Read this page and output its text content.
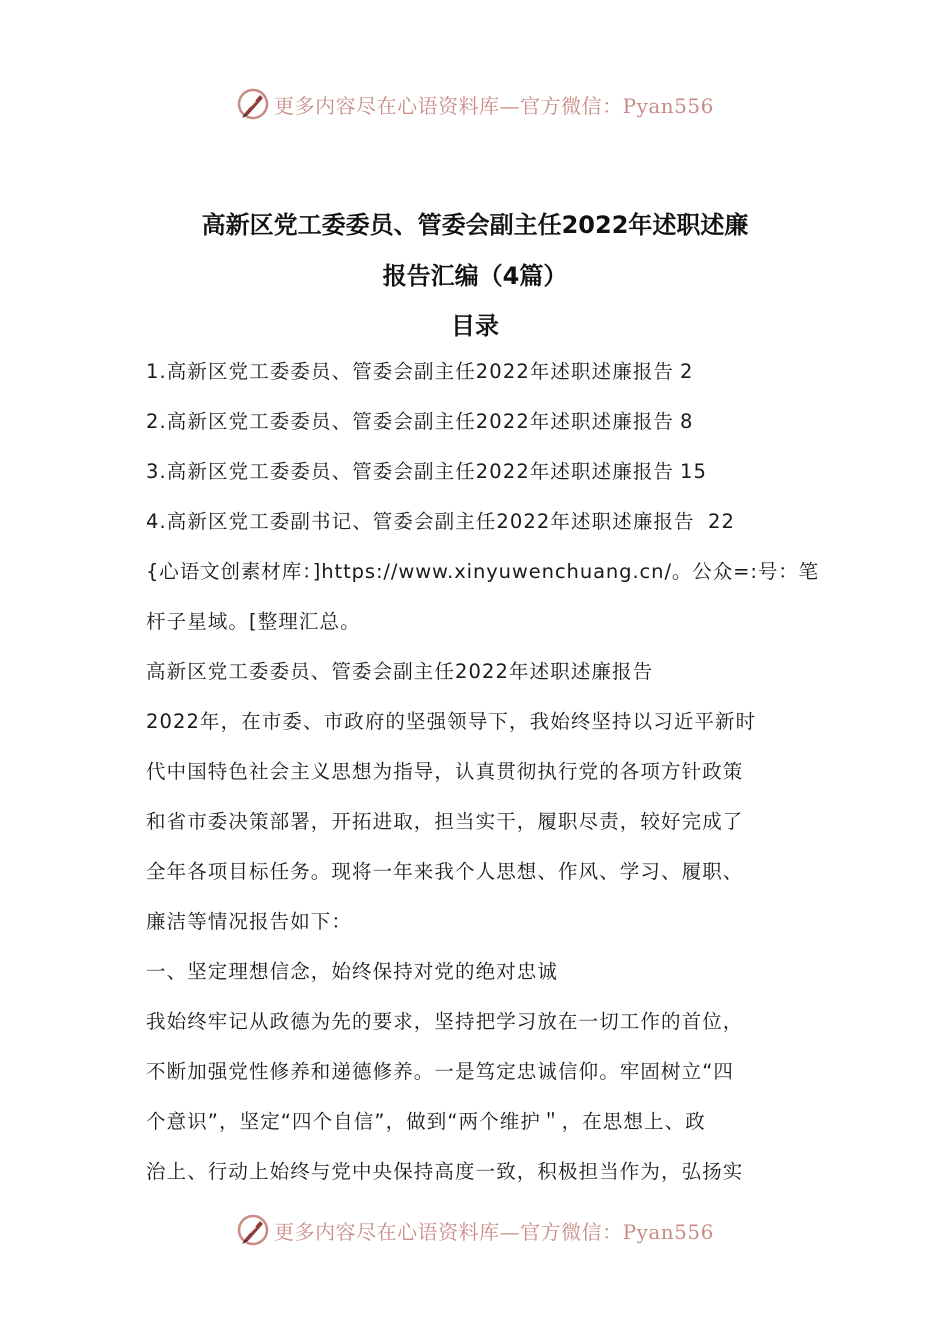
更多内容尽在心语资料库—官方微信：Pyan556
高新区党工委委员、管委会副主任2022年述职述廉
报告汇编（4篇）
目录
1.高新区党工委委员、管委会副主任2022年述职述廉报告 2
2.高新区党工委委员、管委会副主任2022年述职述廉报告 8
3.高新区党工委委员、管委会副主任2022年述职述廉报告 15
4.高新区党工委副书记、管委会副主任2022年述职述廉报告 22
{心语文创素材库：]https://www.xinyuwenchuang.cn/。公众=:号：笔
杆子星域。[整理汇总。
高新区党工委委员、管委会副主任2022年述职述廉报告
2022年，在市委、市政府的坚强领导下，我始终坚持以习近平新时
代中国特色社会主义思想为指导，认真贯彻执行党的各项方针政策
和省市委决策部署，开拓进取，担当实干，履职尽责，较好完成了
全年各项目标任务。现将一年来我个人思想、作风、学习、履职、
廉洁等情况报告如下：
一、坚定理想信念，始终保持对党的绝对忠诚
我始终牢记从政德为先的要求，坚持把学习放在一切工作的首位，
不断加强党性修养和递德修养。一是笃定忠诚信仰。牢固树立“四
个意识”，坚定“四个自信”，做到“两个维护＂，在思想上、政
治上、行动上始终与党中央保持高度一致，积极担当作为，弘扬实
更多内容尽在心语资料库—官方微信：Pyan556
